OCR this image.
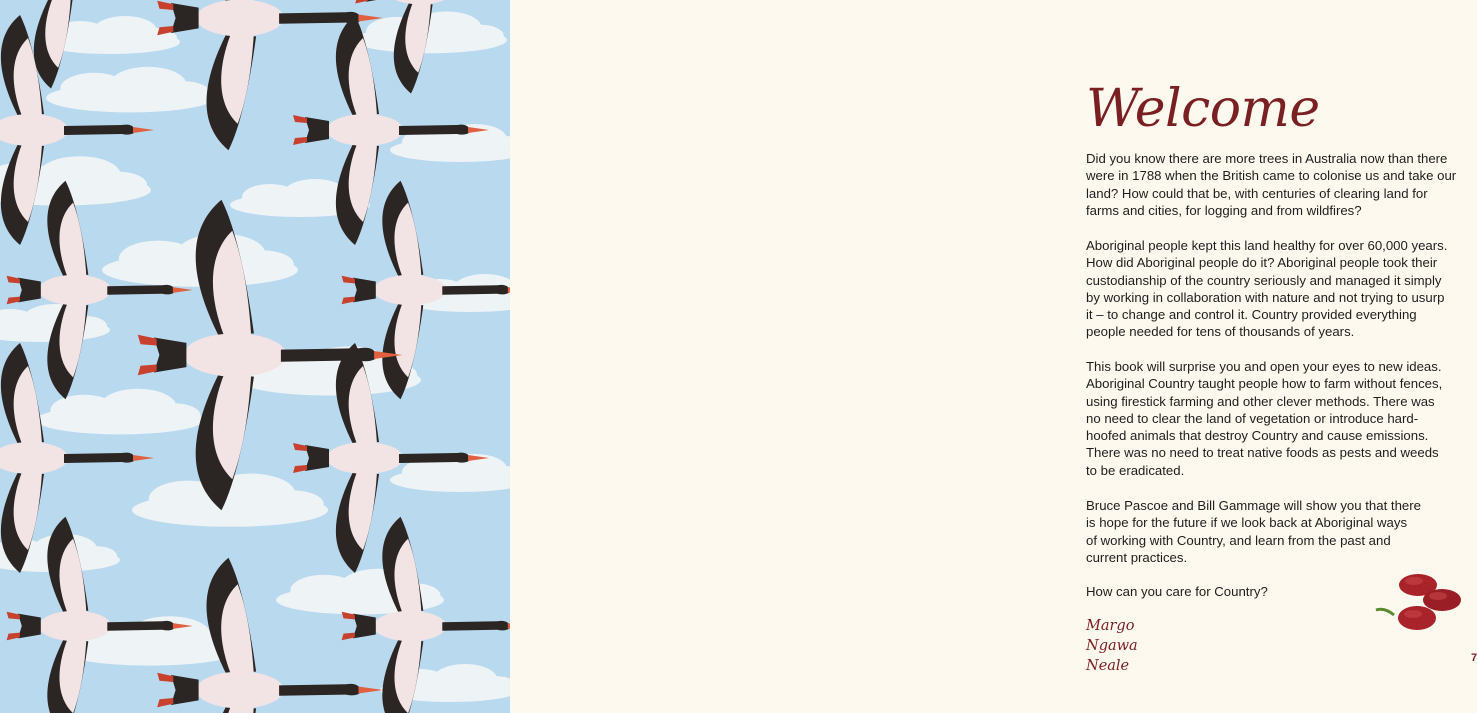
Welcome

Did you know there are more trees in Australia now than there
were in 1788 when the British came to colonise us and take our
land? How could that be, with centuries of clearing land for
farms and cities, for logging and from wildfires?

Aboriginal people kept this land healthy for over 60,000 years.
How did Aboriginal people do it? Aboriginal people took their
custodianship of the country seriously and managed it simply
by working in collaboration with nature and not trying to usurp
it – to change and control it. Country provided everything
people needed for tens of thousands of years.

This book will surprise you and open your eyes to new ideas.
Aboriginal Country taught people how to farm without fences,
using firestick farming and other clever methods. There was
no need to clear the land of vegetation or introduce hard-
hoofed animals that destroy Country and cause emissions.
There was no need to treat native foods as pests and weeds
to be eradicated.

Bruce Pascoe and Bill Gammage will show you that there
is hope for the future if we look back at Aboriginal ways
of working with Country, and learn from the past and
current practices.

How can you care for Country?

Margo Ngawa Neale	7
